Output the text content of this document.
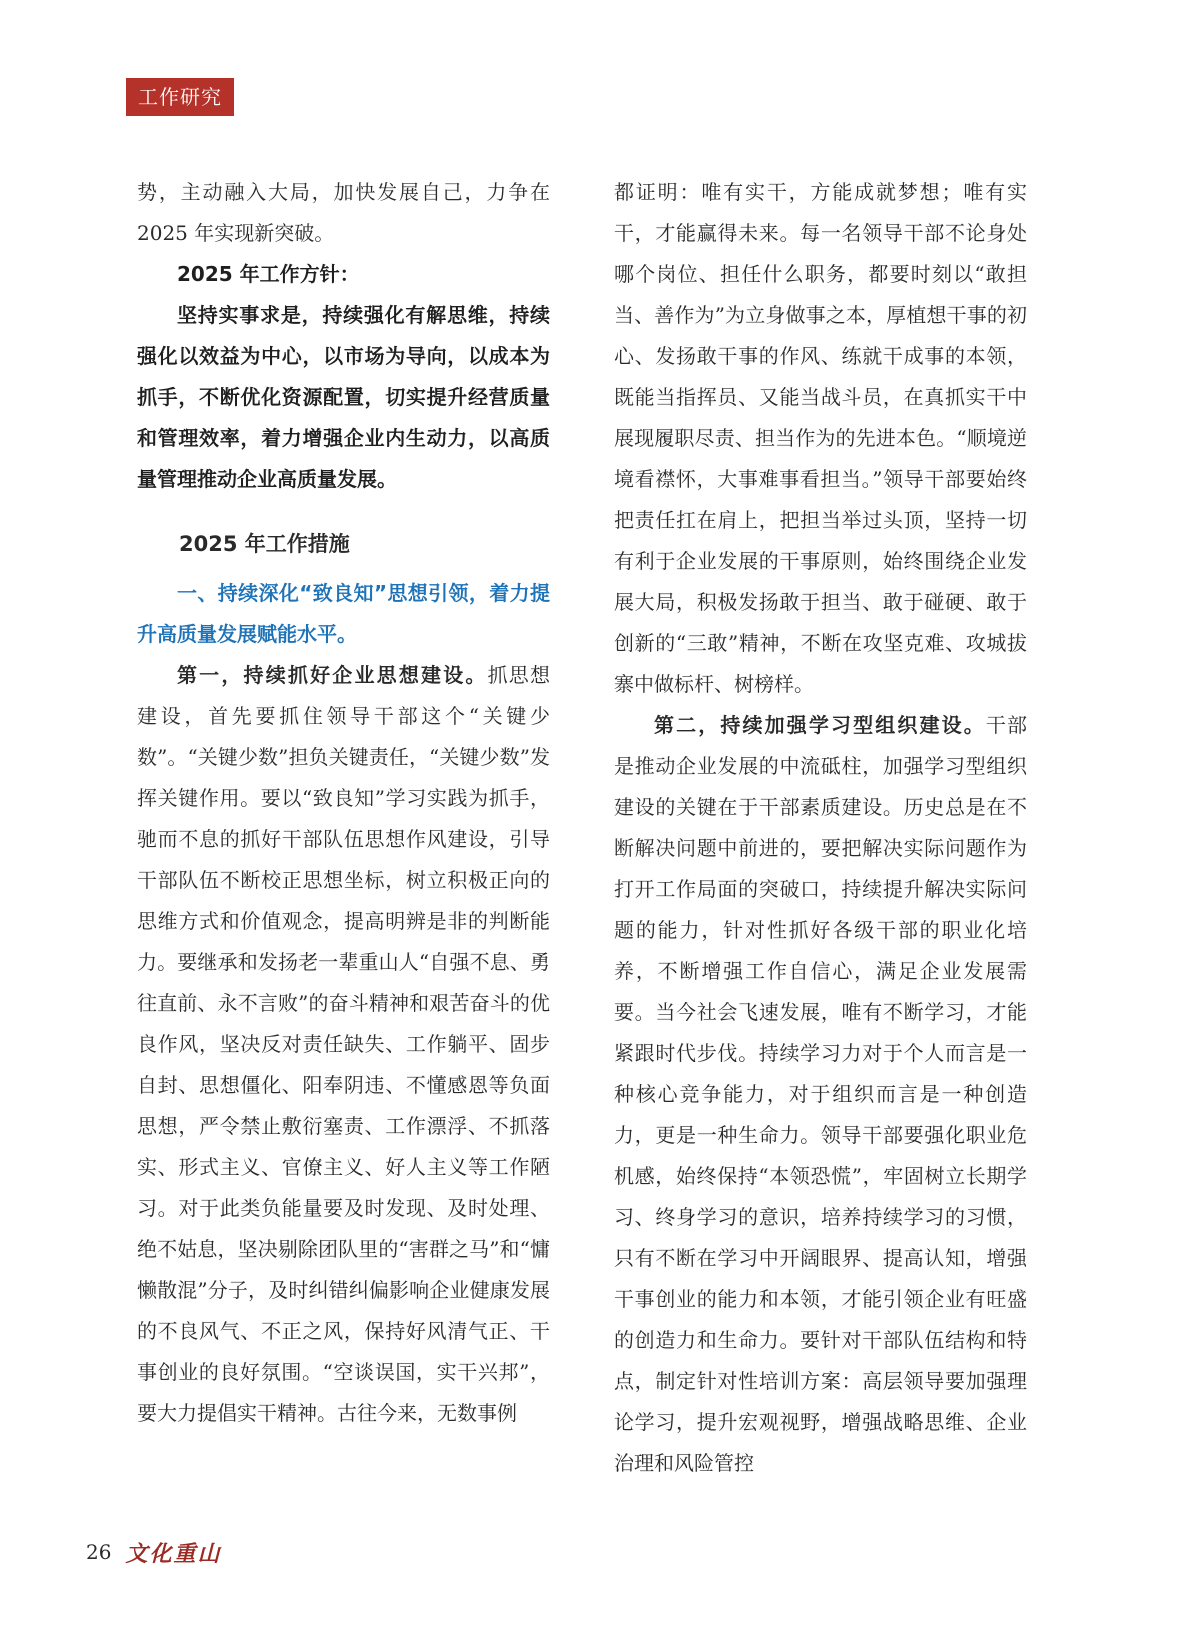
工作研究

势，主动融入大局，加快发展自己，力争在2025 年实现新突破。

2025 年工作方针：

坚持实事求是，持续强化有解思维，持续强化以效益为中心，以市场为导向，以成本为抓手，不断优化资源配置，切实提升经营质量和管理效率，着力增强企业内生动力，以高质量管理推动企业高质量发展。

2025 年工作措施

一、持续深化“致良知”思想引领，着力提升高质量发展赋能水平。

第一，持续抓好企业思想建设。抓思想建设，首先要抓住领导干部这个“关键少数”。“关键少数”担负关键责任，“关键少数”发挥关键作用。要以“致良知”学习实践为抓手，驰而不息的抓好干部队伍思想作风建设，引导干部队伍不断校正思想坐标，树立积极正向的思维方式和价值观念，提高明辨是非的判断能力。要继承和发扬老一辈重山人“自强不息、勇往直前、永不言败”的奋斗精神和艰苦奋斗的优良作风，坚决反对责任缺失、工作躺平、固步自封、思想僵化、阳奉阴违、不懂感恩等负面思想，严令禁止敷衍塞责、工作漂浮、不抓落实、形式主义、官僚主义、好人主义等工作陋习。对于此类负能量要及时发现、及时处理、绝不姑息，坚决剔除团队里的“害群之马”和“慵懒散混”分子，及时纠错纠偏影响企业健康发展的不良风气、不正之风，保持好风清气正、干事创业的良好氛围。“空谈误国，实干兴邦”，要大力提倡实干精神。古往今来，无数事例

都证明：唯有实干，方能成就梦想；唯有实干，才能赢得未来。每一名领导干部不论身处哪个岗位、担任什么职务，都要时刻以“敢担当、善作为”为立身做事之本，厚植想干事的初心、发扬敢干事的作风、练就干成事的本领，既能当指挥员、又能当战斗员，在真抓实干中展现履职尽责、担当作为的先进本色。“顺境逆境看襟怀，大事难事看担当。”领导干部要始终把责任扛在肩上，把担当举过头顶，坚持一切有利于企业发展的干事原则，始终围绕企业发展大局，积极发扬敢于担当、敢于碰硬、敢于创新的“三敢”精神，不断在攻坚克难、攻城拔寨中做标杆、树榜样。

第二，持续加强学习型组织建设。干部是推动企业发展的中流砥柱，加强学习型组织建设的关键在于干部素质建设。历史总是在不断解决问题中前进的，要把解决实际问题作为打开工作局面的突破口，持续提升解决实际问题的能力，针对性抓好各级干部的职业化培养，不断增强工作自信心，满足企业发展需要。当今社会飞速发展，唯有不断学习，才能紧跟时代步伐。持续学习力对于个人而言是一种核心竞争能力，对于组织而言是一种创造力，更是一种生命力。领导干部要强化职业危机感，始终保持“本领恐慌”，牢固树立长期学习、终身学习的意识，培养持续学习的习惯，只有不断在学习中开阔眼界、提高认知，增强干事创业的能力和本领，才能引领企业有旺盛的创造力和生命力。要针对干部队伍结构和特点，制定针对性培训方案：高层领导要加强理论学习，提升宏观视野，增强战略思维、企业治理和风险管控

26 文化重山
